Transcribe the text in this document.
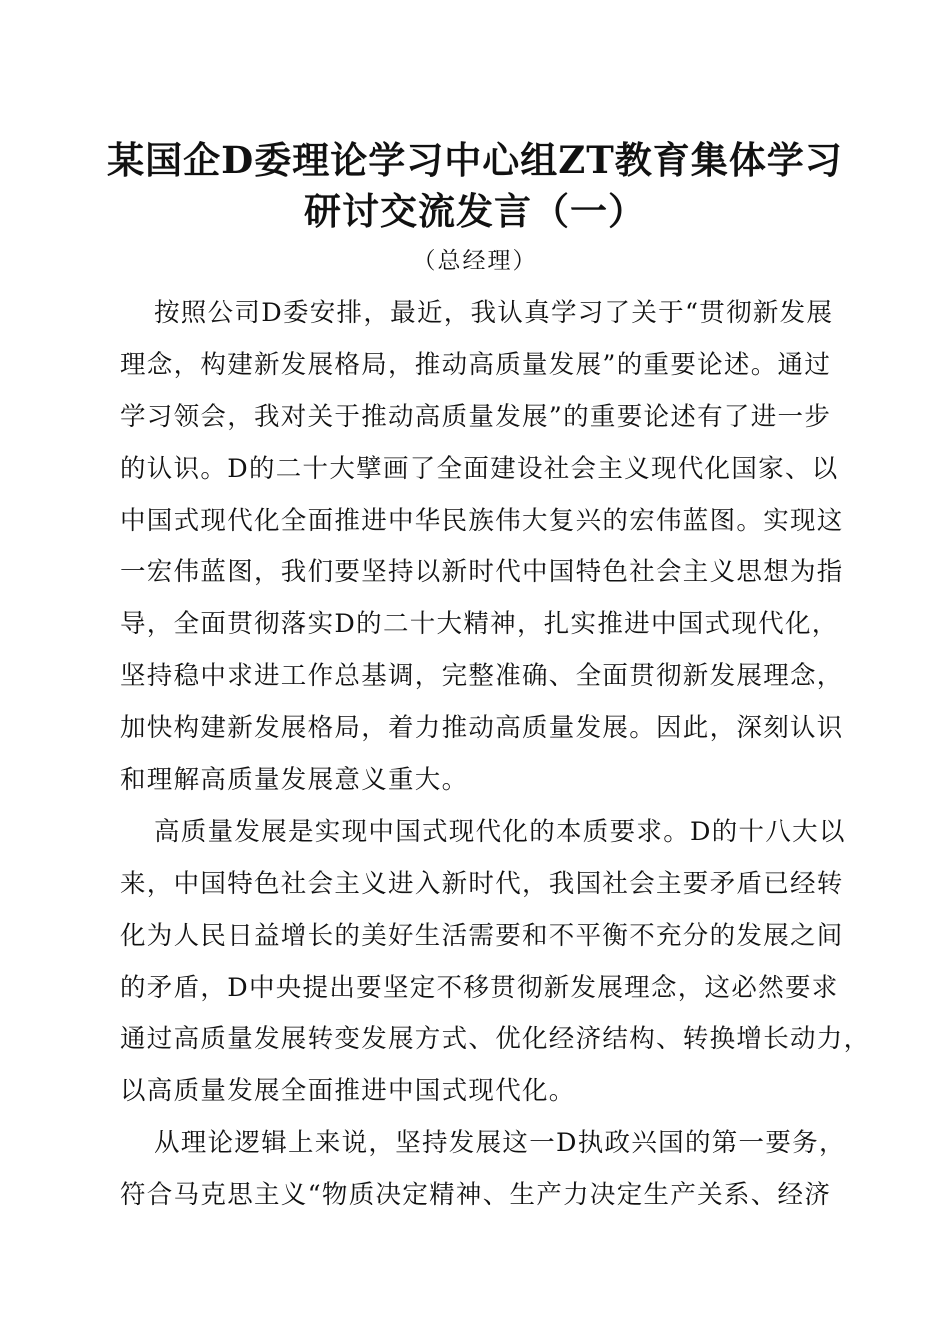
某国企D委理论学习中心组ZT教育集体学习
研讨交流发言（一）
（总经理）
按照公司D委安排，最近，我认真学习了关于“贯彻新发展
理念，构建新发展格局，推动高质量发展”的重要论述。通过
学习领会，我对关于推动高质量发展”的重要论述有了进一步
的认识。D的二十大擘画了全面建设社会主义现代化国家、以
中国式现代化全面推进中华民族伟大复兴的宏伟蓝图。实现这
一宏伟蓝图，我们要坚持以新时代中国特色社会主义思想为指
导，全面贯彻落实D的二十大精神，扎实推进中国式现代化，
坚持稳中求进工作总基调，完整准确、全面贯彻新发展理念，
加快构建新发展格局，着力推动高质量发展。因此，深刻认识
和理解高质量发展意义重大。
高质量发展是实现中国式现代化的本质要求。D的十八大以
来，中国特色社会主义进入新时代，我国社会主要矛盾已经转
化为人民日益增长的美好生活需要和不平衡不充分的发展之间
的矛盾，D中央提出要坚定不移贯彻新发展理念，这必然要求
通过高质量发展转变发展方式、优化经济结构、转换增长动力，
以高质量发展全面推进中国式现代化。
从理论逻辑上来说，坚持发展这一D执政兴国的第一要务，
符合马克思主义“物质决定精神、生产力决定生产关系、经济
